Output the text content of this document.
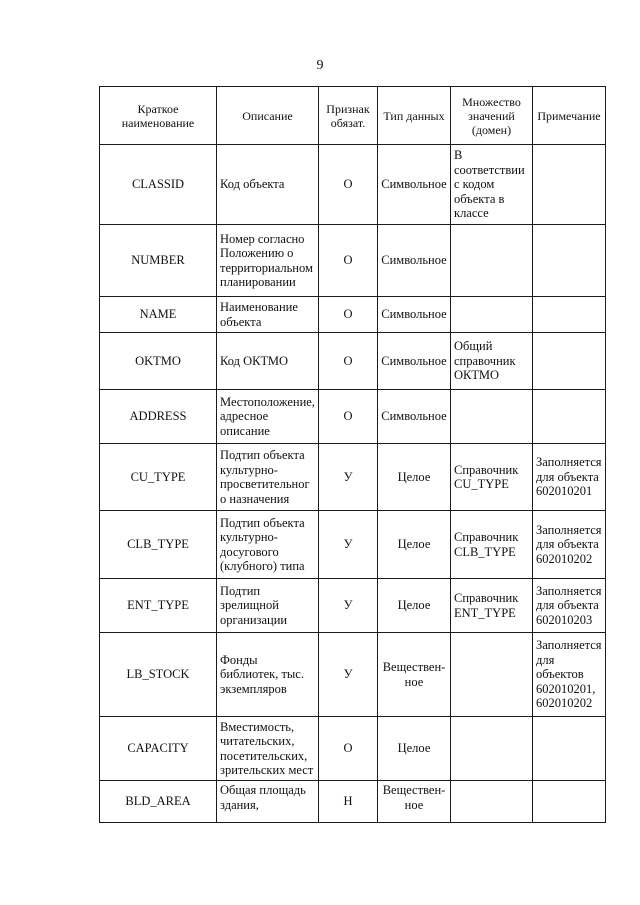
9
Краткое наименование	Описание	Признак обязат.	Тип данных	Множество значений (домен)	Примечание
CLASSID	Код объекта	О	Символьное	В соответствии с кодом объекта в классе	
NUMBER	Номер согласно Положению о территориальном планировании	О	Символьное		
NAME	Наименование объекта	О	Символьное		
OKTMO	Код ОКТМО	О	Символьное	Общий справочник ОКТМО	
ADDRESS	Местоположение, адресное описание	О	Символьное		
CU_TYPE	Подтип объекта культурно-просветительного назначения	У	Целое	Справочник CU_TYPE	Заполняется для объекта 602010201
CLB_TYPE	Подтип объекта культурно-досугового (клубного) типа	У	Целое	Справочник CLB_TYPE	Заполняется для объекта 602010202
ENT_TYPE	Подтип зрелищной организации	У	Целое	Справочник ENT_TYPE	Заполняется для объекта 602010203
LB_STOCK	Фонды библиотек, тыс. экземпляров	У	Веществен-ное		Заполняется для объектов 602010201, 602010202
CAPACITY	Вместимость, читательских, посетительских, зрительских мест	О	Целое		
BLD_AREA	Общая площадь здания,	Н	Веществен-ное		
